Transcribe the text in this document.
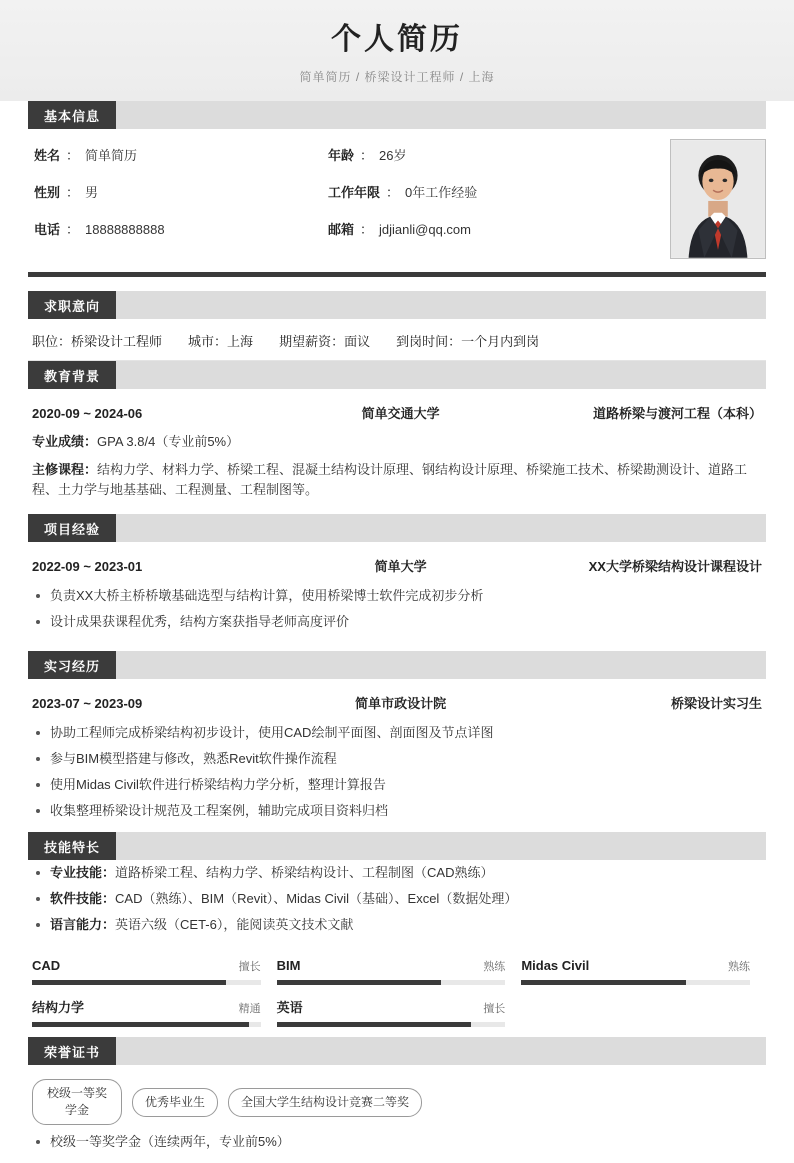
个人简历
简单简历 / 桥梁设计工程师 / 上海
基本信息
姓名 ： 简单简历	年龄 ： 26岁
性别 ： 男	工作年限 ： 0年工作经验
电话 ： 18888888888	邮箱 ： jdjianli@qq.com
求职意向
职位：桥梁设计工程师 城市：上海 期望薪资：面议 到岗时间：一个月内到岗
教育背景
2020-09 ~ 2024-06	简单交通大学	道路桥梁与渡河工程（本科）
专业成绩：GPA 3.8/4（专业前5%）
主修课程：结构力学、材料力学、桥梁工程、混凝土结构设计原理、钢结构设计原理、桥梁施工技术、桥梁勘测设计、道路工程、土力学与地基基础、工程测量、工程制图等。
项目经验
2022-09 ~ 2023-01	简单大学	XX大学桥梁结构设计课程设计
负责XX大桥主桥桥墩基础选型与结构计算，使用桥梁博士软件完成初步分析
设计成果获课程优秀，结构方案获指导老师高度评价
实习经历
2023-07 ~ 2023-09	简单市政设计院	桥梁设计实习生
协助工程师完成桥梁结构初步设计，使用CAD绘制平面图、剖面图及节点详图
参与BIM模型搭建与修改，熟悉Revit软件操作流程
使用Midas Civil软件进行桥梁结构力学分析，整理计算报告
收集整理桥梁设计规范及工程案例，辅助完成项目资料归档
技能特长
专业技能：道路桥梁工程、结构力学、桥梁结构设计、工程制图（CAD熟练）
软件技能：CAD（熟练）、BIM（Revit）、Midas Civil（基础）、Excel（数据处理）
语言能力：英语六级（CET-6），能阅读英文技术文献
CAD	擅长 BIM	熟练 Midas Civil	熟练
结构力学	精通 英语	擅长
荣誉证书
校级一等奖学金
优秀毕业生	全国大学生结构设计竞赛二等奖
校级一等奖学金（连续两年，专业前5%）
